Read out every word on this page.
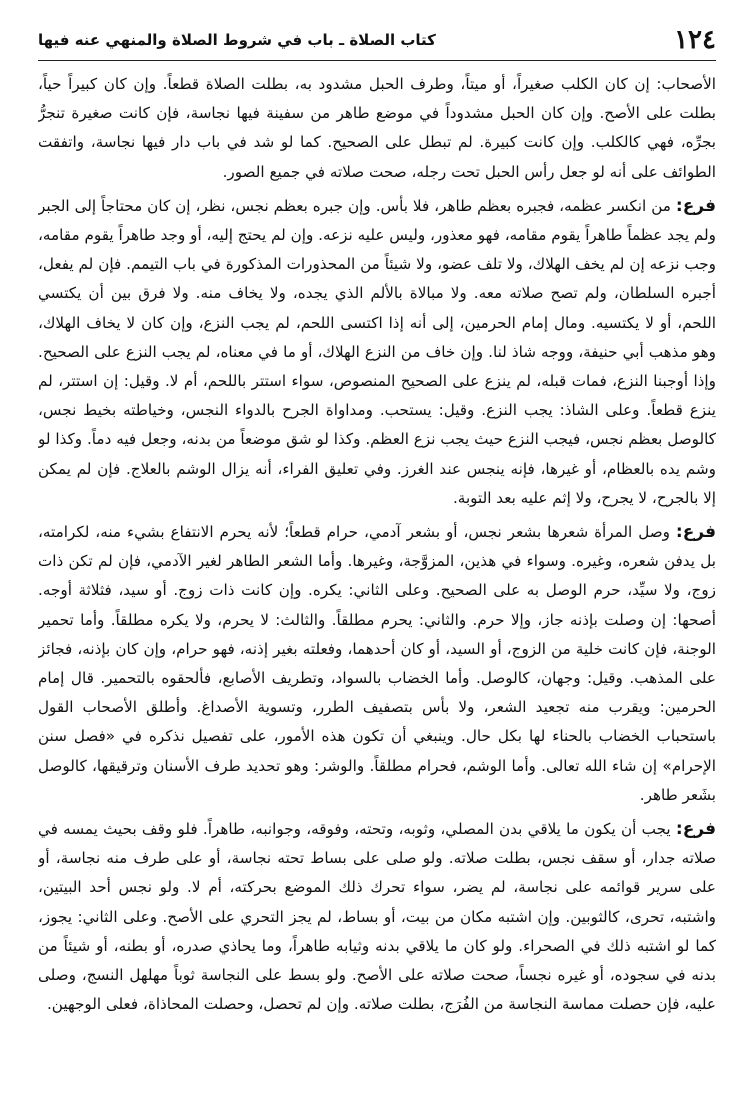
١٢٤
كتاب الصلاة ـ باب في شروط الصلاة والمنهي عنه فيها

الأصحاب: إن كان الكلب صغيراً، أو ميتاً، وطرف الحبل مشدود به، بطلت الصلاة قطعاً. وإن كان كبيراً حياً، بطلت على الأصح. وإن كان الحبل مشدوداً في موضع طاهر من سفينة فيها نجاسة، فإن كانت صغيرة تنجرُّ بجرِّه، فهي كالكلب. وإن كانت كبيرة. لم تبطل على الصحيح. كما لو شد في باب دار فيها نجاسة، واتفقت الطوائف على أنه لو جعل رأس الحبل تحت رجله، صحت صلاته في جميع الصور.

فرع: من انكسر عظمه، فجبره بعظم طاهر، فلا بأس. وإن جبره بعظم نجس، نظر، إن كان محتاجاً إلى الجبر ولم يجد عظماً طاهراً يقوم مقامه، فهو معذور، وليس عليه نزعه. وإن لم يحتج إليه، أو وجد طاهراً يقوم مقامه، وجب نزعه إن لم يخف الهلاك، ولا تلف عضو، ولا شيئاً من المحذورات المذكورة في باب التيمم. فإن لم يفعل، أجبره السلطان، ولم تصح صلاته معه. ولا مبالاة بالألم الذي يجده، ولا يخاف منه. ولا فرق بين أن يكتسي اللحم، أو لا يكتسيه. ومال إمام الحرمين، إلى أنه إذا اكتسى اللحم، لم يجب النزع، وإن كان لا يخاف الهلاك، وهو مذهب أبي حنيفة، ووجه شاذ لنا. وإن خاف من النزع الهلاك، أو ما في معناه، لم يجب النزع على الصحيح. وإذا أوجبنا النزع، فمات قبله، لم ينزع على الصحيح المنصوص، سواء استتر باللحم، أم لا. وقيل: إن استتر، لم ينزع قطعاً. وعلى الشاذ: يجب النزع. وقيل: يستحب. ومداواة الجرح بالدواء النجس، وخياطته بخيط نجس، كالوصل بعظم نجس، فيجب النزع حيث يجب نزع العظم. وكذا لو شق موضعاً من بدنه، وجعل فيه دماً. وكذا لو وشم يده بالعظام، أو غيرها، فإنه ينجس عند الغرز. وفي تعليق الفراء، أنه يزال الوشم بالعلاج. فإن لم يمكن إلا بالجرح، لا يجرح، ولا إثم عليه بعد التوبة.

فرع: وصل المرأة شعرها بشعر نجس، أو بشعر آدمي، حرام قطعاً؛ لأنه يحرم الانتفاع بشيء منه، لكرامته، بل يدفن شعره، وغيره. وسواء في هذين، المزوَّجة، وغيرها. وأما الشعر الطاهر لغير الآدمي، فإن لم تكن ذات زوج، ولا سيِّد، حرم الوصل به على الصحيح. وعلى الثاني: يكره. وإن كانت ذات زوج. أو سيد، فثلاثة أوجه. أصحها: إن وصلت بإذنه جاز، وإلا حرم. والثاني: يحرم مطلقاً. والثالث: لا يحرم، ولا يكره مطلقاً. وأما تحمير الوجنة، فإن كانت خلية من الزوج، أو السيد، أو كان أحدهما، وفعلته بغير إذنه، فهو حرام، وإن كان بإذنه، فجائز على المذهب. وقيل: وجهان، كالوصل. وأما الخضاب بالسواد، وتطريف الأصابع، فألحقوه بالتحمير. قال إمام الحرمين: ويقرب منه تجعيد الشعر، ولا بأس بتصفيف الطرر، وتسوية الأصداغ. وأطلق الأصحاب القول باستحباب الخضاب بالحناء لها بكل حال. وينبغي أن تكون هذه الأمور، على تفصيل نذكره في «فصل سنن الإحرام» إن شاء الله تعالى. وأما الوشم، فحرام مطلقاً. والوشر: وهو تحديد طرف الأسنان وترقيقها، كالوصل بشَعر طاهر.

فرع: يجب أن يكون ما يلاقي بدن المصلي، وثوبه، وتحته، وفوقه، وجوانبه، طاهراً. فلو وقف بحيث يمسه في صلاته جدار، أو سقف نجس، بطلت صلاته. ولو صلى على بساط تحته نجاسة، أو على طرف منه نجاسة، أو على سرير قوائمه على نجاسة، لم يضر، سواء تحرك ذلك الموضع بحركته، أم لا. ولو نجس أحد البيتين، واشتبه، تحرى، كالثوبين. وإن اشتبه مكان من بيت، أو بساط، لم يجز التحري على الأصح. وعلى الثاني: يجوز، كما لو اشتبه ذلك في الصحراء. ولو كان ما يلاقي بدنه وثيابه طاهراً، وما يحاذي صدره، أو بطنه، أو شيئاً من بدنه في سجوده، أو غيره نجساً، صحت صلاته على الأصح. ولو بسط على النجاسة ثوباً مهلهل النسج، وصلى عليه، فإن حصلت مماسة النجاسة من الفُرَج، بطلت صلاته. وإن لم تحصل، وحصلت المحاذاة، فعلى الوجهين.
